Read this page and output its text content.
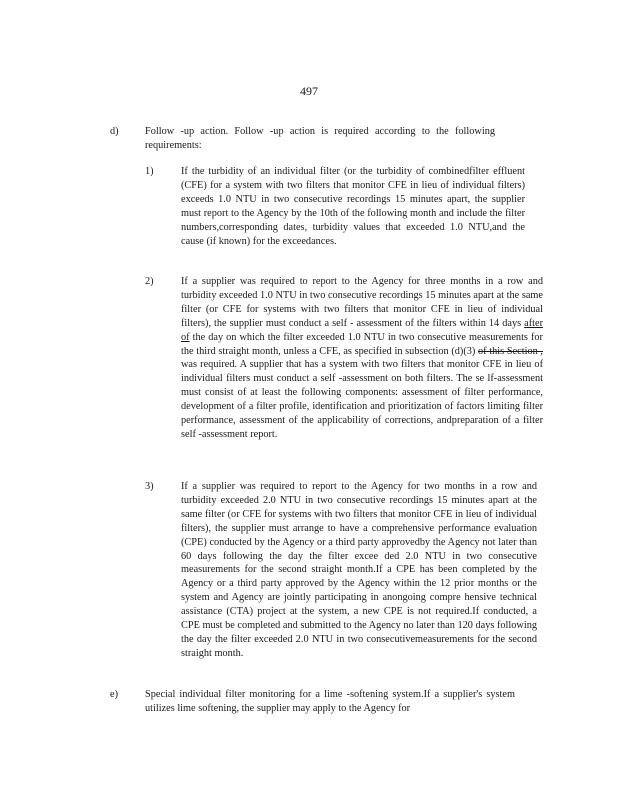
497
d)	Follow -up action. Follow -up action is required according to the following requirements:
1)	If the turbidity of an individual filter (or the turbidity of combinedfilter effluent (CFE) for a system with two filters that monitor CFE in lieu of individual filters) exceeds 1.0 NTU in two consecutive recordings 15 minutes apart, the supplier must report to the Agency by the 10th of the following month and include the filter numbers,corresponding dates, turbidity values that exceeded 1.0 NTU,and the cause (if known) for the exceedances.
2)	If a supplier was required to report to the Agency for three months in a row and turbidity exceeded 1.0 NTU in two consecutive recordings 15 minutes apart at the same filter (or CFE for systems with two filters that monitor CFE in lieu of individual filters), the supplier must conduct a self - assessment of the filters within 14 days after of the day on which the filter exceeded 1.0 NTU in two consecutive measurements for the third straight month, unless a CFE, as specified in subsection (d)(3) of this Section , was required. A supplier that has a system with two filters that monitor CFE in lieu of individual filters must conduct a self -assessment on both filters. The se lf-assessment must consist of at least the following components: assessment of filter performance, development of a filter profile, identification and prioritization of factors limiting filter performance, assessment of the applicability of corrections, andpreparation of a filter self -assessment report.
3)	If a supplier was required to report to the Agency for two months in a row and turbidity exceeded 2.0 NTU in two consecutive recordings 15 minutes apart at the same filter (or CFE for systems with two filters that monitor CFE in lieu of individual filters), the supplier must arrange to have a comprehensive performance evaluation (CPE) conducted by the Agency or a third party approvedby the Agency not later than 60 days following the day the filter excee ded 2.0 NTU in two consecutive measurements for the second straight month.If a CPE has been completed by the Agency or a third party approved by the Agency within the 12 prior months or the system and Agency are jointly participating in anongoing compre hensive technical assistance (CTA) project at the system, a new CPE is not required.If conducted, a CPE must be completed and submitted to the Agency no later than 120 days following the day the filter exceeded 2.0 NTU in two consecutivemeasurements for the second straight month.
e)	Special individual filter monitoring for a lime -softening system.If a supplier's system utilizes lime softening, the supplier may apply to the Agency for
